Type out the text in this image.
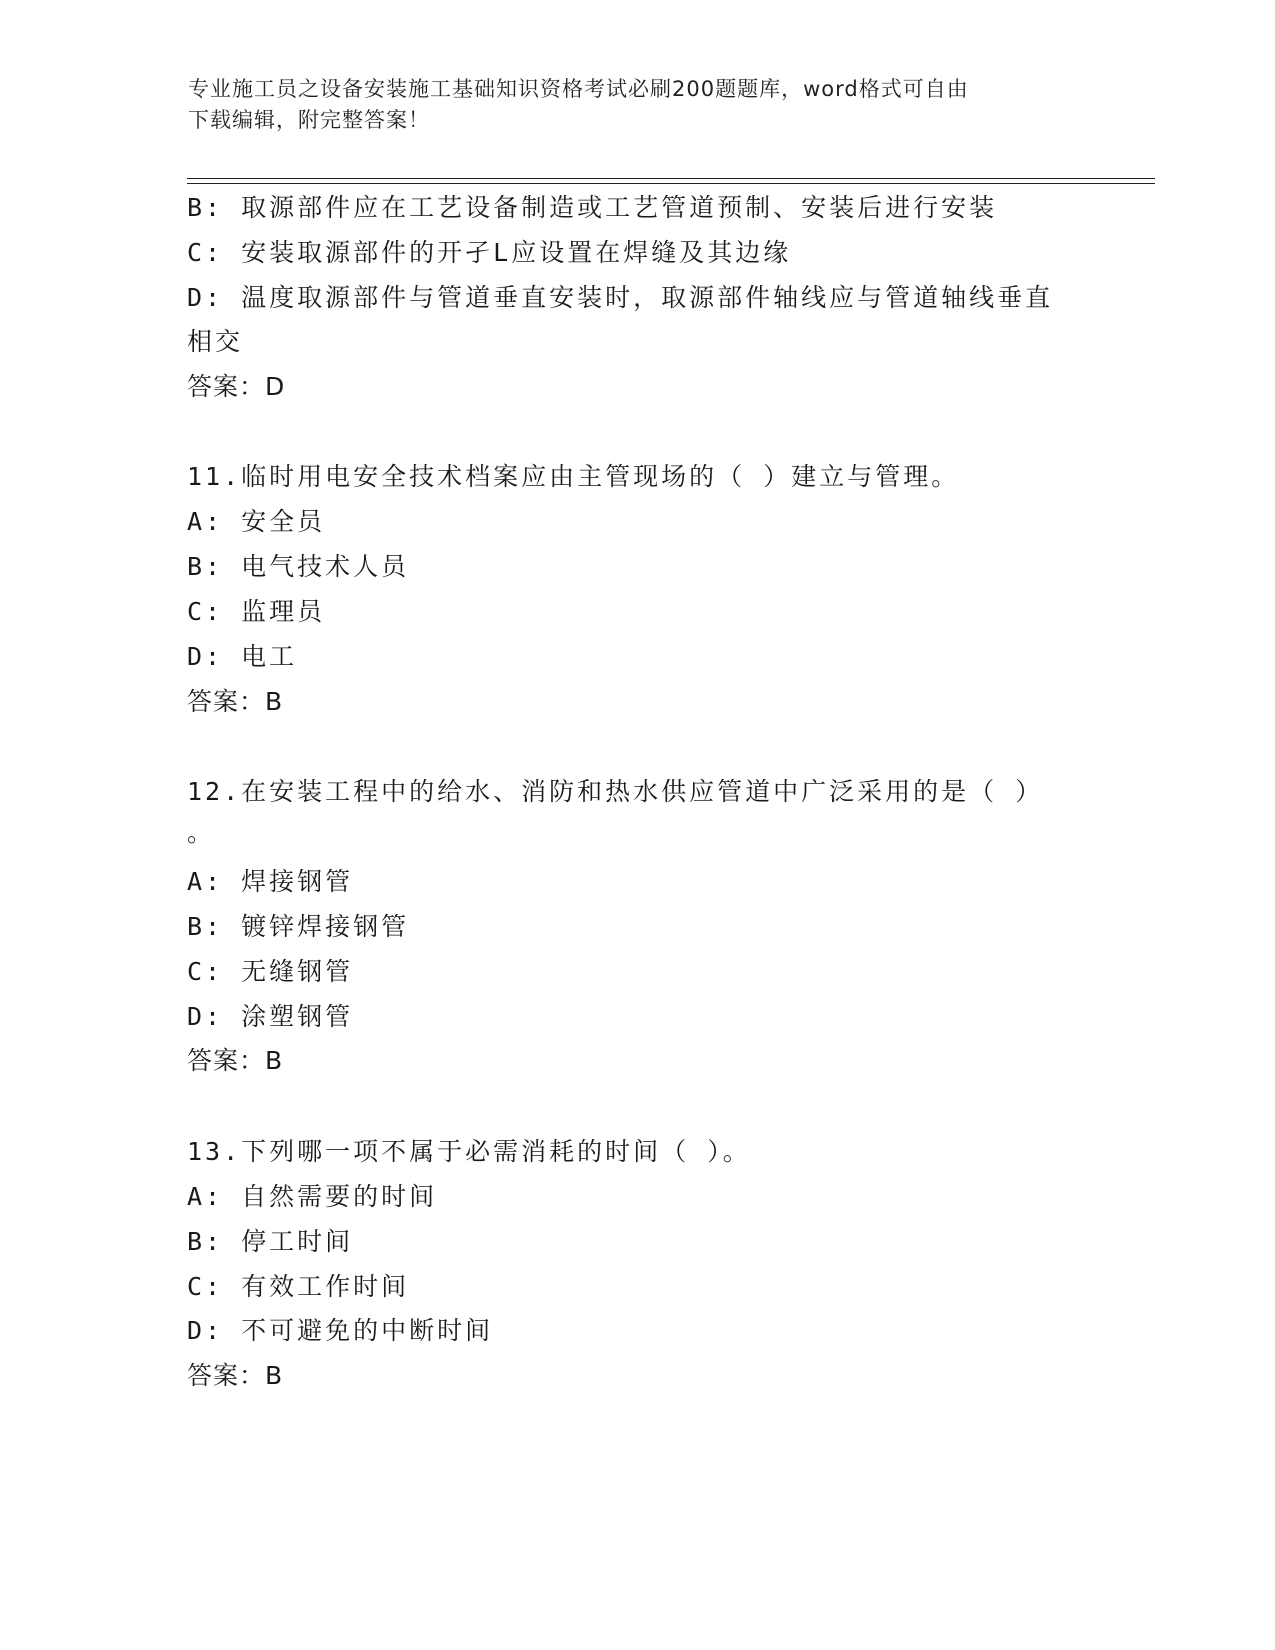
专业施工员之设备安装施工基础知识资格考试必刷200题题库，word格式可自由
下载编辑，附完整答案！
B: 取源部件应在工艺设备制造或工艺管道预制、安装后进行安装
C: 安装取源部件的开孑L应设置在焊缝及其边缘
D: 温度取源部件与管道垂直安装时，取源部件轴线应与管道轴线垂直
相交
答案：D
11.临时用电安全技术档案应由主管现场的（ ）建立与管理。
A: 安全员
B: 电气技术人员
C: 监理员
D: 电工
答案：B
12.在安装工程中的给水、消防和热水供应管道中广泛采用的是（ ）
。
A: 焊接钢管
B: 镀锌焊接钢管
C: 无缝钢管
D: 涂塑钢管
答案：B
13.下列哪一项不属于必需消耗的时间（ ）。
A: 自然需要的时间
B: 停工时间
C: 有效工作时间
D: 不可避免的中断时间
答案：B
